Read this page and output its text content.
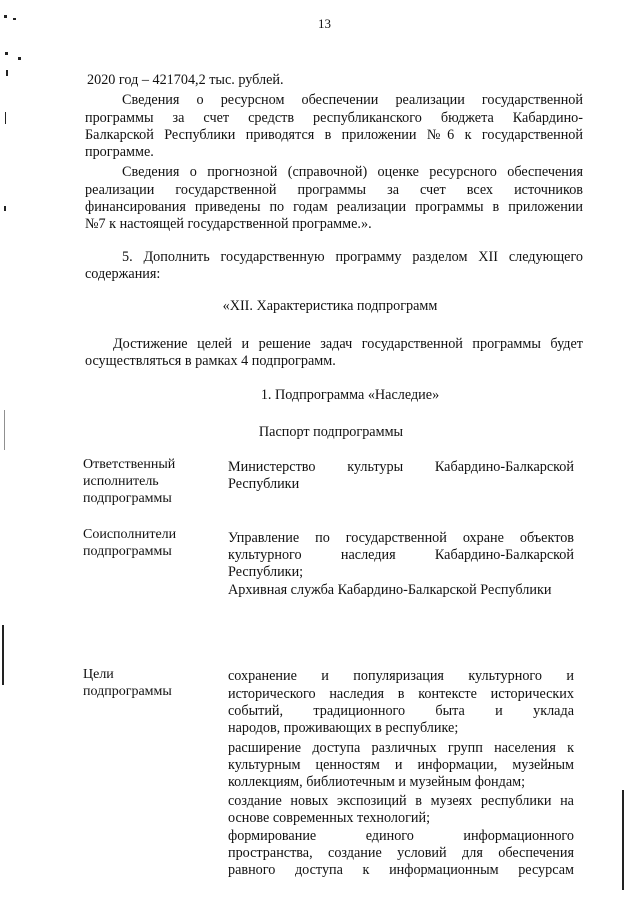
13

2020 год – 421704,2 тыс. рублей.

Сведения о ресурсном обеспечении реализации государственной

программы за счет средств республиканского бюджета Кабардино-

Балкарской Республики приводятся в приложении №6 к государственной

программе.

Сведения о прогнозной (справочной) оценке ресурсного обеспечения

реализации государственной программы за счет всех источников

финансирования приведены по годам реализации программы в приложении

№7 к настоящей государственной программе.».

5. Дополнить государственную программу разделом XII следующего

содержания:

«XII. Характеристика подпрограмм

Достижение целей и решение задач государственной программы будет

осуществляться в рамках 4 подпрограмм.

1. Подпрограмма «Наследие»

Паспорт подпрограммы

Ответственный

исполнитель

подпрограммы

Министерство культуры Кабардино-Балкарской

Республики

Соисполнители

подпрограммы

Управление по государственной охране объектов

культурного наследия Кабардино-Балкарской

Республики;

Архивная служба Кабардино-Балкарской Республики

Цели

подпрограммы

сохранение и популяризация культурного и

исторического наследия в контексте исторических

событий, традиционного быта и уклада

народов, проживающих в республике;

расширение доступа различных групп населения к

культурным ценностям и информации, музейным

коллекциям, библиотечным и музейным фондам;

создание новых экспозиций в музеях республики на

основе современных технологий;

формирование единого информационного

пространства, создание условий для обеспечения

равного доступа к информационным ресурсам
